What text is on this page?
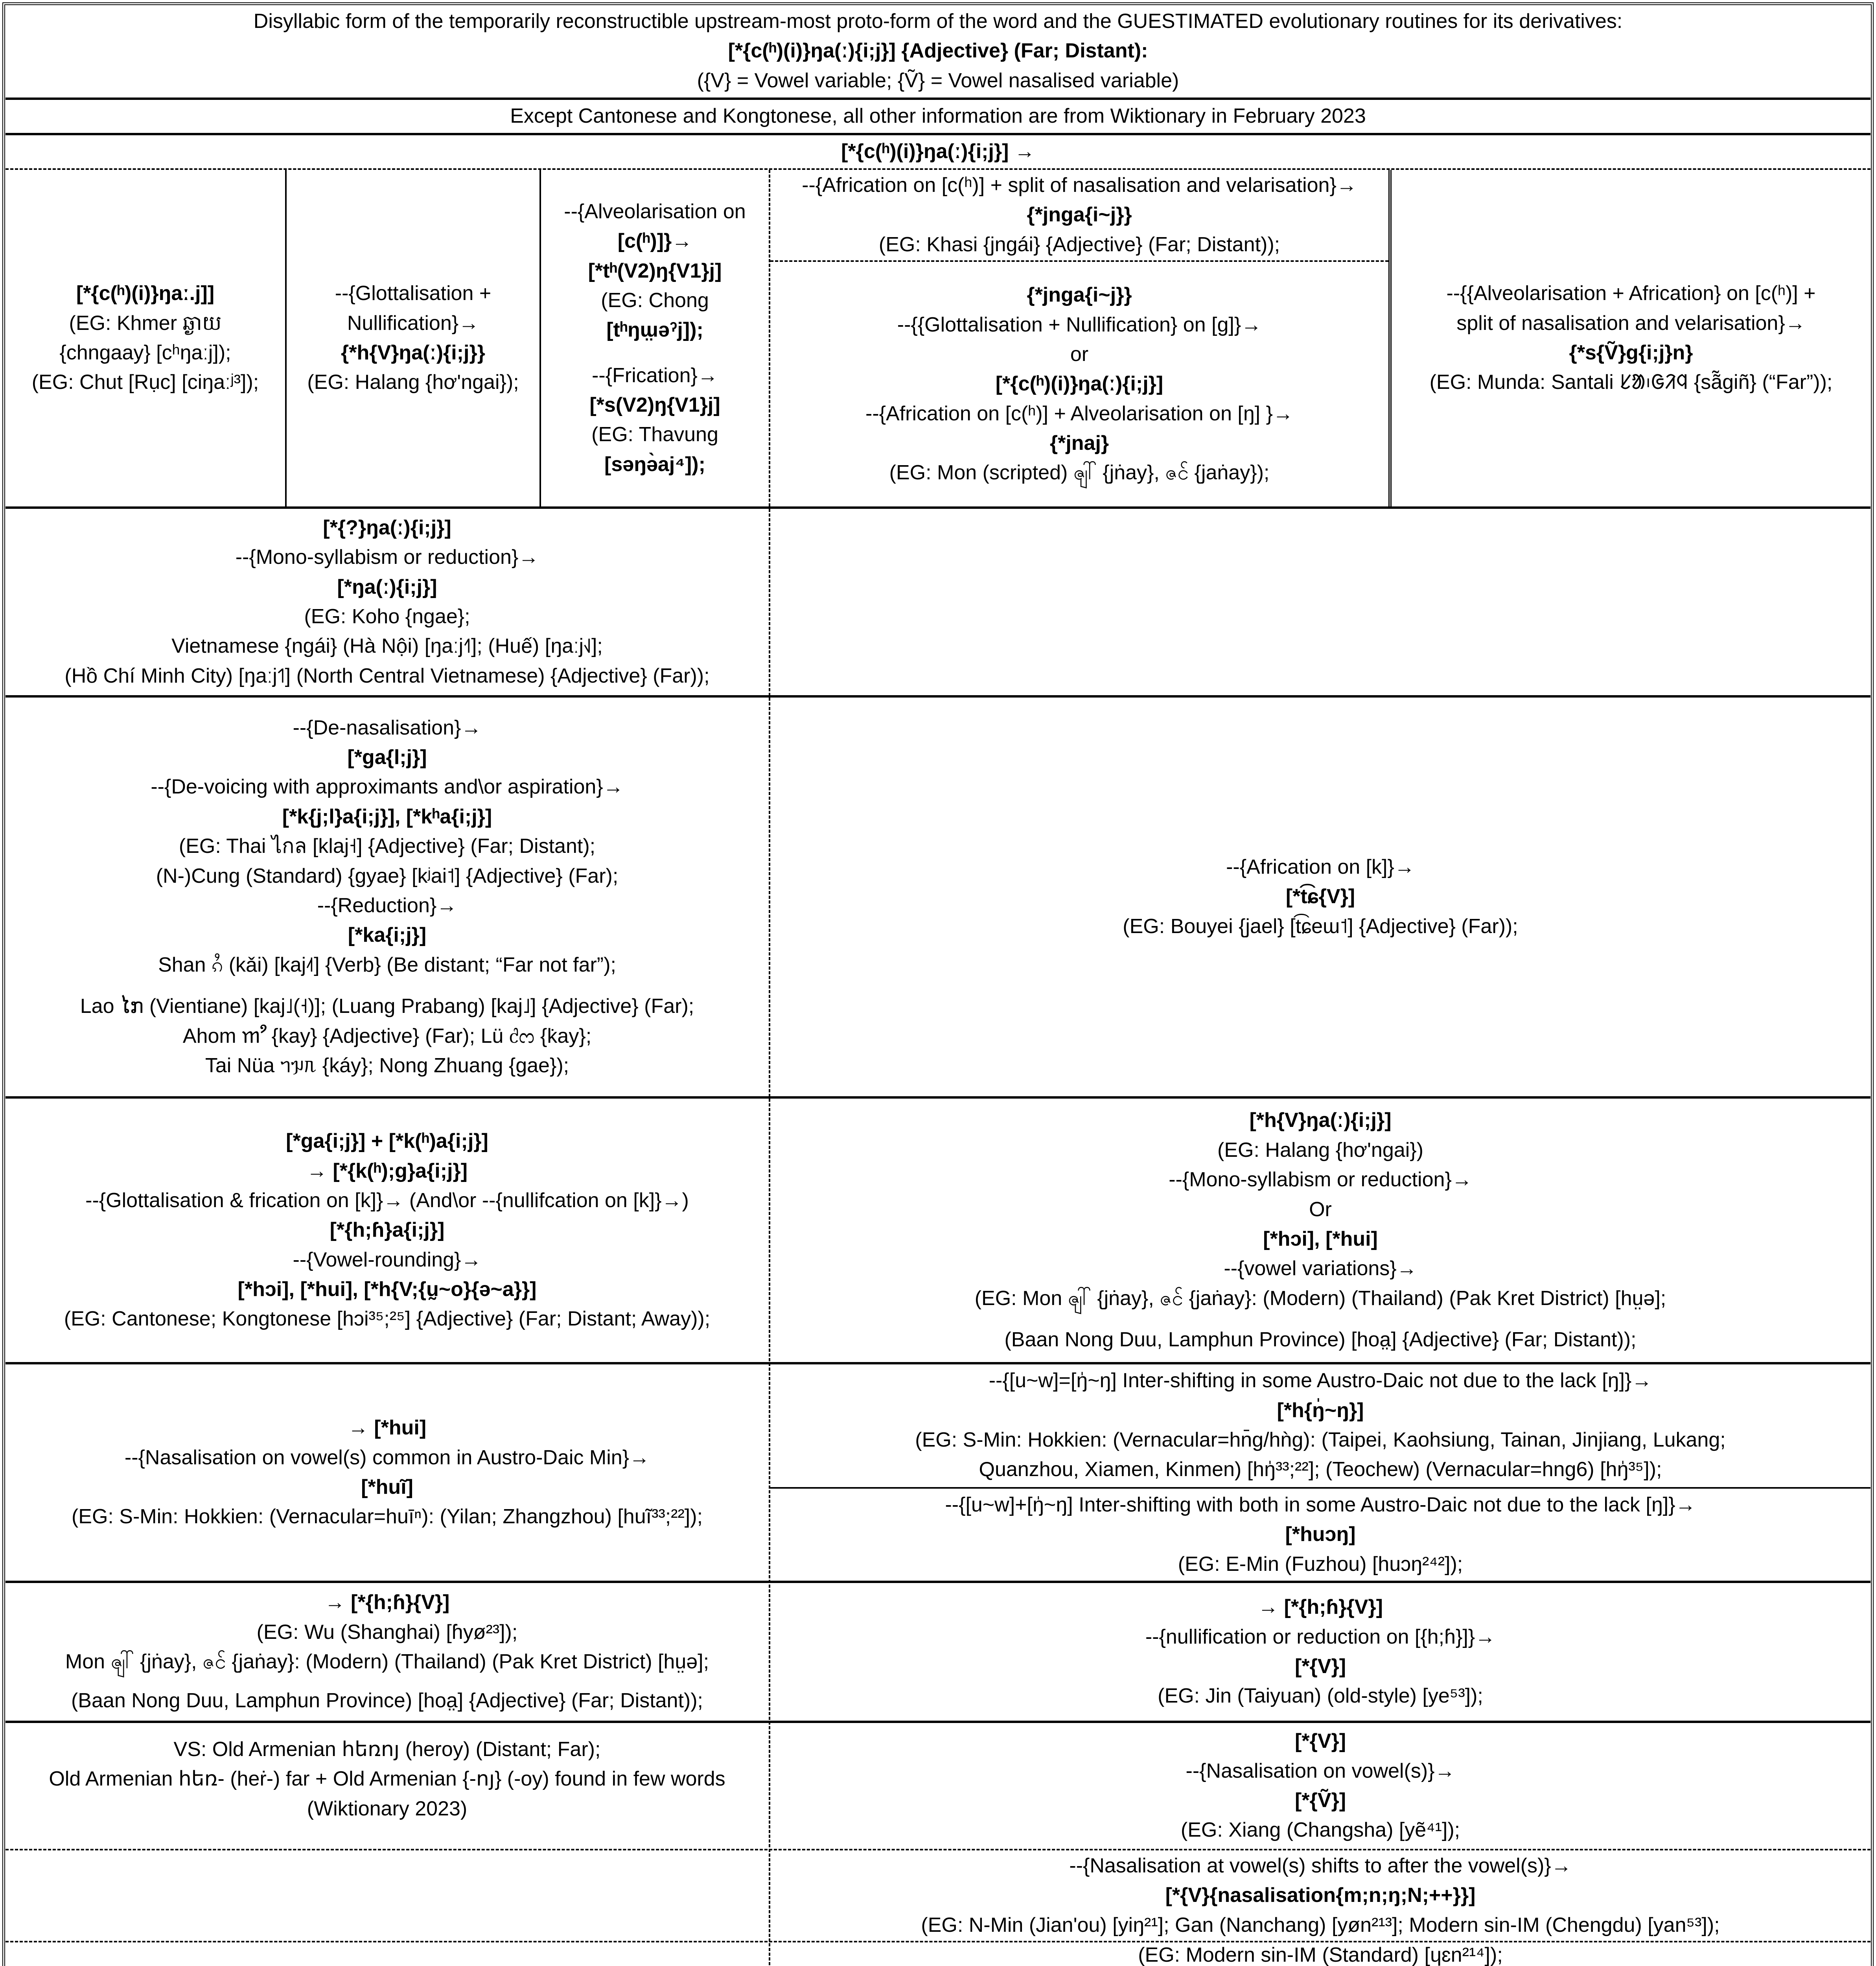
Disyllabic form of the temporarily reconstructible upstream-most proto-form of the word and the GUESTIMATED evolutionary routines for its derivatives:
[*{c(ʰ)(i)}ŋa(ː){i;j}] {Adjective} (Far; Distant):
({V} = Vowel variable; {Ṽ} = Vowel nasalised variable)
Except Cantonese and Kongtonese, all other information are from Wiktionary in February 2023
[*{c(ʰ)(i)}ŋa(ː){i;j}] →
[*{c(ʰ)(i)}ŋaː.j]]
(EG: Khmer ឆ្ងាយ
{chngaay} [cʰŋaːj]);
(EG: Chut [Rục] [ciŋaːʲ³]);
--{Glottalisation +
Nullification}→
{*h{V}ŋa(ː){i;j}}
(EG: Halang {hơ'ngai});
--{Alveolarisation on
[c(ʰ)]}→
[*tʰ(V2)ŋ{V1}j]
(EG: Chong
[tʰŋɯ̤əˀj]);
--{Frication}→
[*s(V2)ŋ{V1}j]
(EG: Thavung
[səŋə̀aj⁴]);
--{Africation on [c(ʰ)] + split of nasalisation and velarisation}→
{*jnga{i~j}}
(EG: Khasi {jngái} {Adjective} (Far; Distant));
{*jnga{i~j}}
--{{Glottalisation + Nullification} on [g]}→
or
[*{c(ʰ)(i)}ŋa(ː){i;j}]
--{Africation on [c(ʰ)] + Alveolarisation on [ŋ] }→
{*jnaj}
(EG: Mon (scripted) ၛါ် {jṅay}, ဇၚ် {jaṅay});
--{{Alveolarisation + Africation} on [c(ʰ)] +
split of nasalisation and velarisation}→
{*s{Ṽ}g{i;j}n}
(EG: Munda: Santali ᱥᱟ᱾ᱜᱤᱧ {sã̃giñ} (“Far”));
[*{?}ŋa(ː){i;j}]
--{Mono-syllabism or reduction}→
[*ŋa(ː){i;j}]
(EG: Koho {ngae};
Vietnamese {ngái} (Hà Nội) [ŋaːj˧˥]; (Huế) [ŋaːj˧˩];
(Hồ Chí Minh City) [ŋaːj˦˥] (North Central Vietnamese) {Adjective} (Far));
--{De-nasalisation}→
[*ga{l;j}]
--{De-voicing with approximants and\or aspiration}→
[*k{j;l}a{i;j}], [*kʰa{i;j}]
(EG: Thai ไกล [klaj˧] {Adjective} (Far; Distant);
(N-)Cung (Standard) {gyae} [kʲai˦] {Adjective} (Far);
--{Reduction}→
[*ka{i;j}]
Shan ၵႆ (kǎi) [kaj˨˦] {Verb} (Be distant; “Far not far”);
Lao ໄກ (Vientiane) [kaj˩(˧)]; (Luang Prabang) [kaj˩] {Adjective} (Far);
Ahom 𑜀𑜩 {kay} {Adjective} (Far); Lü ᦺᦂ {k̇ay};
Tai Nüa ᥐᥭᥰ {káy}; Nong Zhuang {gae});
--{Africation on [k]}→
[*t͡ɕ{V}]
(EG: Bouyei {jael} [t͡ɕeɯ˦] {Adjective} (Far));
[*ga{i;j}] + [*k(ʰ)a{i;j}]
→ [*{k(ʰ);g}a{i;j}]
--{Glottalisation & frication on [k]}→ (And\or --{nullifcation on [k]}→)
[*{h;ɦ}a{i;j}]
--{Vowel-rounding}→
[*hɔi], [*hui], [*h{V;{ṵ~o}{ə~a}}]
(EG: Cantonese; Kongtonese [hɔi³⁵;²⁵] {Adjective} (Far; Distant; Away));
[*h{V}ŋa(ː){i;j}]
(EG: Halang {hơ'ngai})
--{Mono-syllabism or reduction}→
Or
[*hɔi], [*hui]
--{vowel variations}→
(EG: Mon ၛါ် {jṅay}, ဇၚ် {jaṅay}: (Modern) (Thailand) (Pak Kret District) [hṳə];
(Baan Nong Duu, Lamphun Province) [hoa̤] {Adjective} (Far; Distant));
→ [*hui]
--{Nasalisation on vowel(s) common in Austro-Daic Min}→
[*huĩ]
(EG: S-Min: Hokkien: (Vernacular=huīⁿ): (Yilan; Zhangzhou) [huĩ³³;²²]);
--{[u~w]=[ŋ̍~ŋ] Inter-shifting in some Austro-Daic not due to the lack [ŋ]}→
[*h{ŋ̍~ŋ}]
(EG: S-Min: Hokkien: (Vernacular=hn̄g/hǹg): (Taipei, Kaohsiung, Tainan, Jinjiang, Lukang;
Quanzhou, Xiamen, Kinmen) [hŋ̍³³;²²]; (Teochew) (Vernacular=hng6) [hŋ̍³⁵]);
--{[u~w]+[ŋ̍~ŋ] Inter-shifting with both in some Austro-Daic not due to the lack [ŋ]}→
[*huɔŋ]
(EG: E-Min (Fuzhou) [huɔŋ²⁴²]);
→ [*{h;ɦ}{V}]
(EG: Wu (Shanghai) [ɦyø²³]);
Mon ၛါ် {jṅay}, ဇၚ် {jaṅay}: (Modern) (Thailand) (Pak Kret District) [hṳə];
(Baan Nong Duu, Lamphun Province) [hoa̤] {Adjective} (Far; Distant));
→ [*{h;ɦ}{V}]
--{nullification or reduction on [{h;ɦ}]}→
[*{V}]
(EG: Jin (Taiyuan) (old-style) [ye⁵³]);
VS: Old Armenian հեռոյ (heroy) (Distant; Far);
Old Armenian հեռ- (heṙ-) far + Old Armenian {-ոյ} (-oy) found in few words
(Wiktionary 2023)
[*{V}]
--{Nasalisation on vowel(s)}→
[*{Ṽ}]
(EG: Xiang (Changsha) [yẽ⁴¹]);
--{Nasalisation at vowel(s) shifts to after the vowel(s)}→
[*{V}{nasalisation{m;n;ŋ;N;++}}]
(EG: N-Min (Jian'ou) [yiŋ²¹]; Gan (Nanchang) [yøn²¹³]; Modern sin-IM (Chengdu) [yan⁵³]);
(EG: Modern sin-IM (Standard) [ɥɛn²¹⁴]);
